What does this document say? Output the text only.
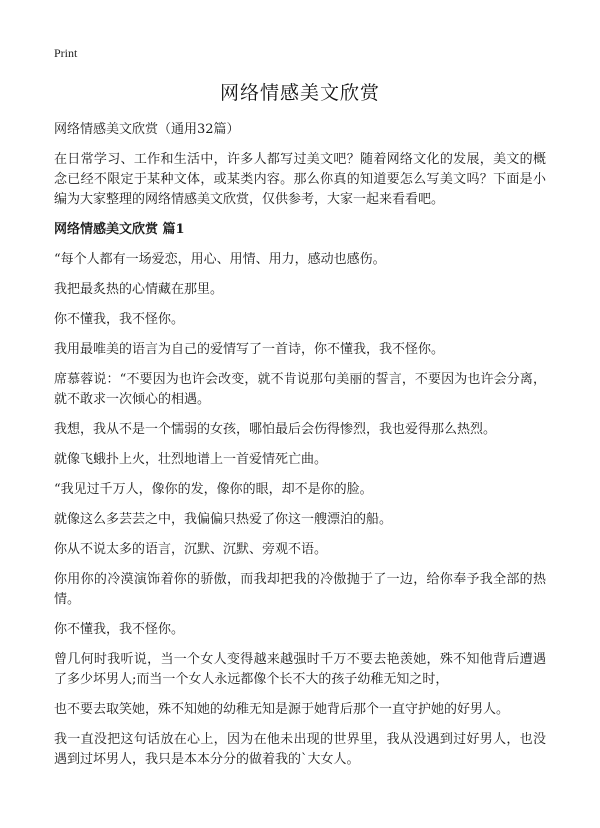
Print
网络情感美文欣赏

网络情感美文欣赏（通用32篇）

在日常学习、工作和生活中，许多人都写过美文吧？随着网络文化的发展，美文的概念已经不限定于某种文体，或某类内容。那么你真的知道要怎么写美文吗？下面是小编为大家整理的网络情感美文欣赏，仅供参考，大家一起来看看吧。

网络情感美文欣赏 篇1

“每个人都有一场爱恋，用心、用情、用力，感动也感伤。

我把最炙热的心情藏在那里。

你不懂我，我不怪你。

我用最唯美的语言为自己的爱情写了一首诗，你不懂我，我不怪你。

席慕蓉说：“不要因为也许会改变，就不肯说那句美丽的誓言，不要因为也许会分离，就不敢求一次倾心的相遇。

我想，我从不是一个懦弱的女孩，哪怕最后会伤得惨烈，我也爱得那么热烈。

就像飞蛾扑上火，壮烈地谱上一首爱情死亡曲。

“我见过千万人，像你的发，像你的眼，却不是你的脸。

就像这么多芸芸之中，我偏偏只热爱了你这一艘漂泊的船。

你从不说太多的语言，沉默、沉默、旁观不语。

你用你的冷漠演饰着你的骄傲，而我却把我的冷傲抛于了一边，给你奉予我全部的热情。

你不懂我，我不怪你。

曾几何时我听说，当一个女人变得越来越强时千万不要去艳羡她，殊不知他背后遭遇了多少坏男人;而当一个女人永远都像个长不大的孩子幼稚无知之时，

也不要去取笑她，殊不知她的幼稚无知是源于她背后那个一直守护她的好男人。

我一直没把这句话放在心上，因为在他未出现的世界里，我从没遇到过好男人，也没遇到过坏男人，我只是本本分分的做着我的`大女人。
